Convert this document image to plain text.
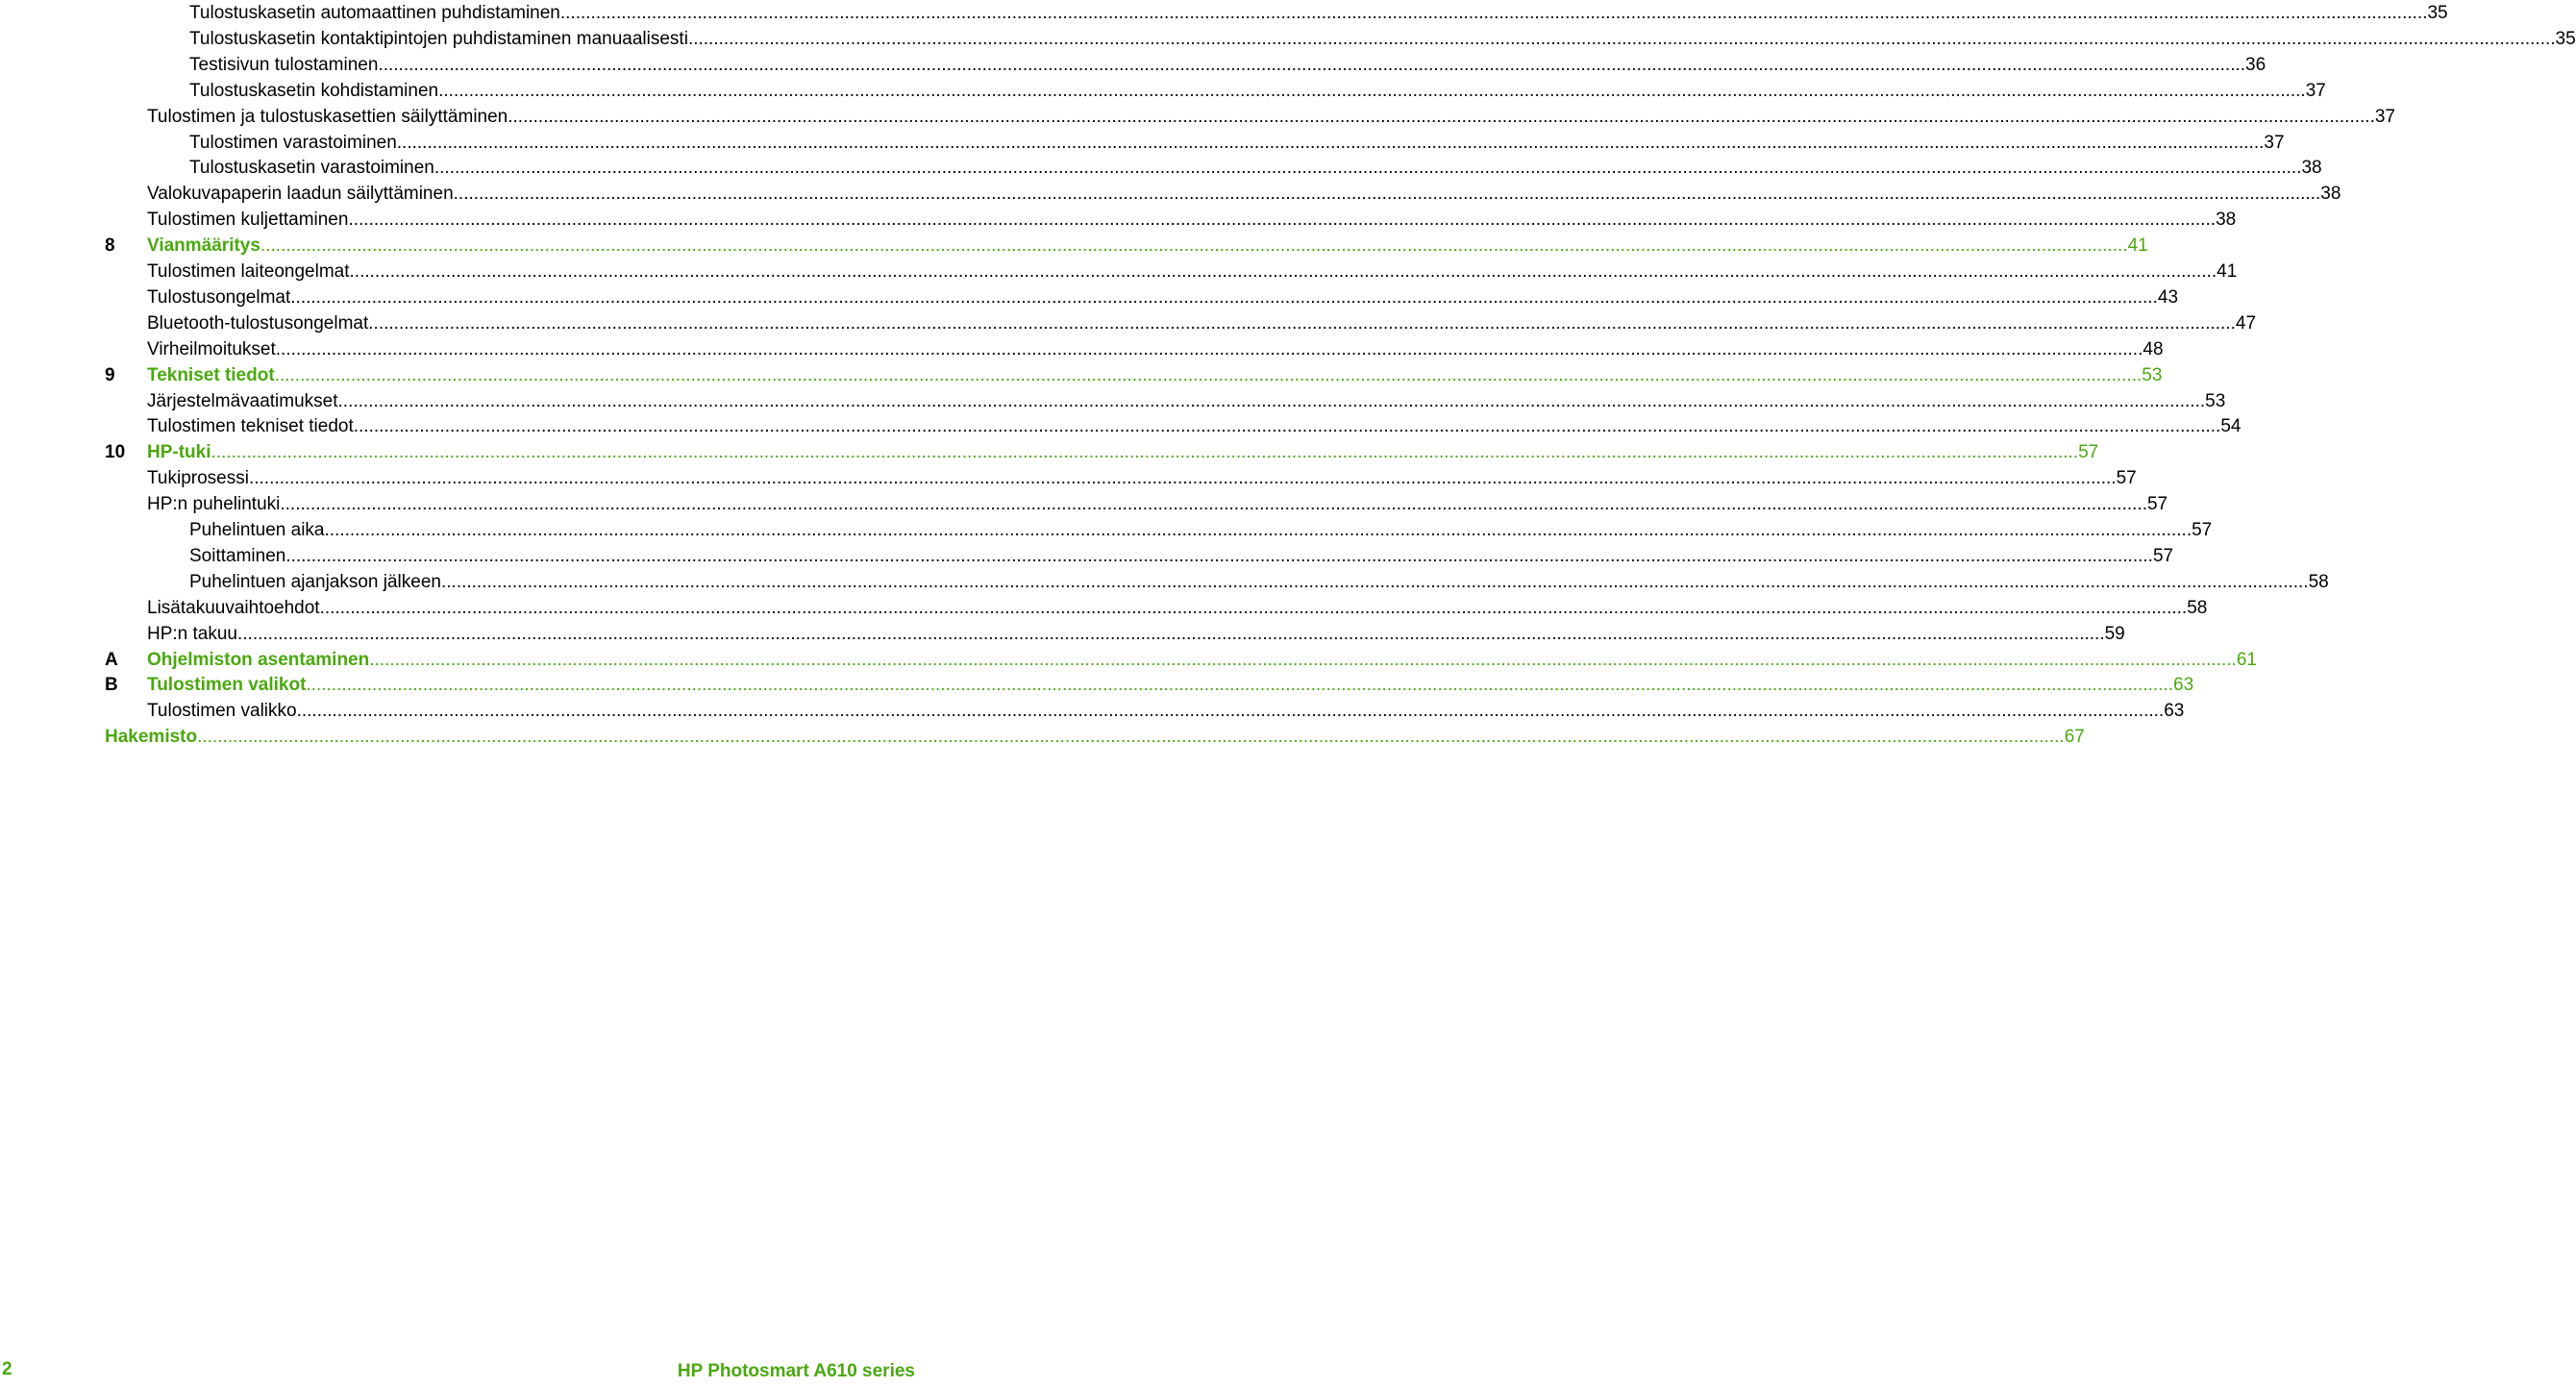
Tulostuskasetin automaattinen puhdistaminen .....	35
Tulostuskasetin kontaktipintojen puhdistaminen manuaalisesti .....	35
Testisivun tulostaminen .....	36
Tulostuskasetin kohdistaminen .....	37
Tulostimen ja tulostuskasettien säilyttäminen .....	37
Tulostimen varastoiminen .....	37
Tulostuskasetin varastoiminen .....	38
Valokuvapaperin laadun säilyttäminen .....	38
Tulostimen kuljettaminen .....	38
8 Vianmääritys .....	41
Tulostimen laiteongelmat .....	41
Tulostusongelmat .....	43
Bluetooth-tulostusongelmat .....	47
Virheilmoitukset .....	48
9 Tekniset tiedot .....	53
Järjestelmävaatimukset .....	53
Tulostimen tekniset tiedot .....	54
10 HP-tuki .....	57
Tukiprosessi .....	57
HP:n puhelintuki .....	57
Puhelintuen aika .....	57
Soittaminen .....	57
Puhelintuen ajanjakson jälkeen .....	58
Lisätakuuvaihtoehdot .....	58
HP:n takuu .....	59
A Ohjelmiston asentaminen .....	61
B Tulostimen valikot .....	63
Tulostimen valikko .....	63
Hakemisto .....	67
2	HP Photosmart A610 series
